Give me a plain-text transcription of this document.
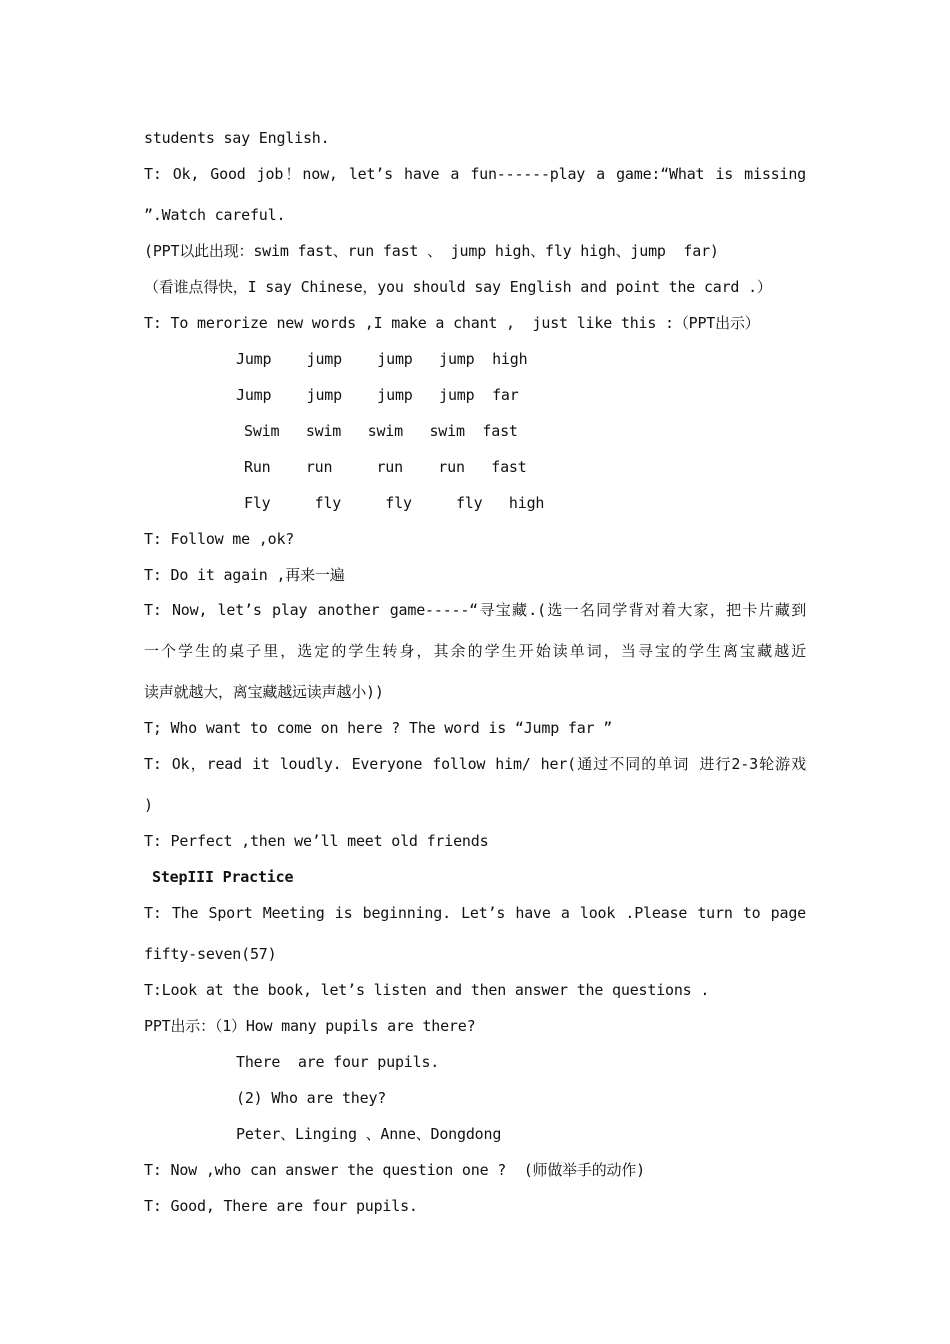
students say English.
T: Ok, Good job！now, let’s have a fun------play a game:“What is missing
”.Watch careful.
(PPT以此出现：swim fast、run fast 、 jump high、fly high、jump  far)
（看谁点得快，I say Chinese，you should say English and point the card .）
T: To merorize new words ,I make a chant ,  just like this :（PPT出示）
Jump    jump    jump   jump  high
Jump    jump    jump   jump  far
Swim   swim   swim   swim  fast
Run    run     run    run   fast
Fly     fly     fly     fly   high
T: Follow me ,ok?
T: Do it again ,再来一遍
T: Now, let’s play another game-----“寻宝藏.(选一名同学背对着大家，把卡片藏到
一个学生的桌子里，选定的学生转身，其余的学生开始读单词，当寻宝的学生离宝藏越近
读声就越大，离宝藏越远读声越小))
T; Who want to come on here ? The word is “Jump far ”
T: Ok，read it loudly. Everyone follow him/ her(通过不同的单词 进行2-3轮游戏
)
T: Perfect ,then we’ll meet old friends
StepIII Practice
T: The Sport Meeting is beginning. Let’s have a look .Please turn to page
fifty-seven(57)
T:Look at the book, let’s listen and then answer the questions .
PPT出示：（1）How many pupils are there?
There  are four pupils.
(2) Who are they?
Peter、Linging 、Anne、Dongdong
T: Now ,who can answer the question one ?  (师做举手的动作)
T: Good, There are four pupils.
